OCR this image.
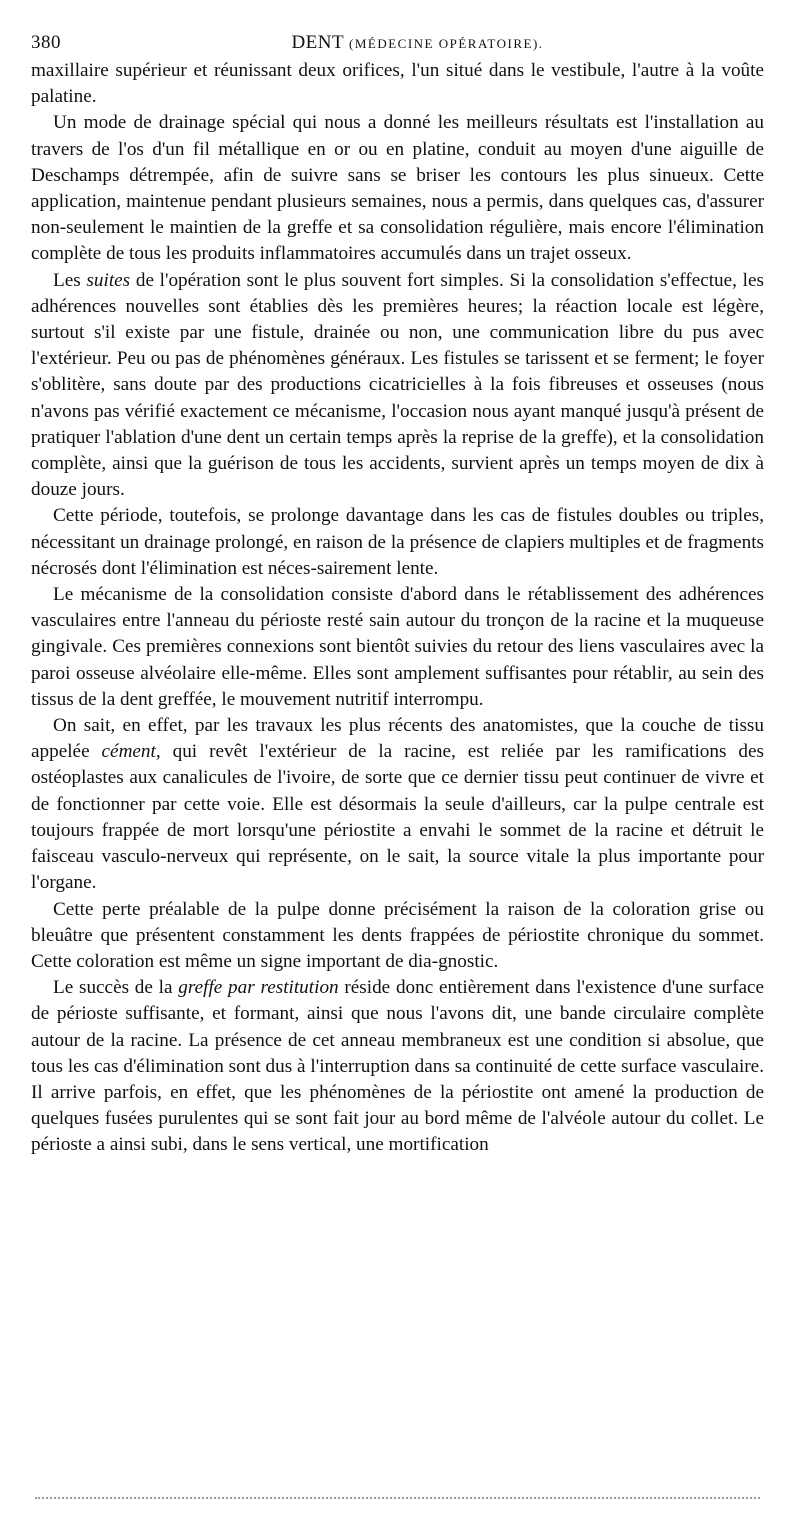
380	DENT (MÉDECINE OPÉRATOIRE).

maxillaire supérieur et réunissant deux orifices, l'un situé dans le vestibule, l'autre à la voûte palatine.

Un mode de drainage spécial qui nous a donné les meilleurs résultats est l'installation au travers de l'os d'un fil métallique en or ou en platine, conduit au moyen d'une aiguille de Deschamps détrempée, afin de suivre sans se briser les contours les plus sinueux. Cette application, maintenue pendant plusieurs semaines, nous a permis, dans quelques cas, d'assurer non-seulement le maintien de la greffe et sa consolidation régulière, mais encore l'élimination complète de tous les produits inflammatoires accumulés dans un trajet osseux.

Les suites de l'opération sont le plus souvent fort simples. Si la consolidation s'effectue, les adhérences nouvelles sont établies dès les premières heures; la réaction locale est légère, surtout s'il existe par une fistule, drainée ou non, une communication libre du pus avec l'extérieur. Peu ou pas de phénomènes généraux. Les fistules se tarissent et se ferment; le foyer s'oblitère, sans doute par des productions cicatricielles à la fois fibreuses et osseuses (nous n'avons pas vérifié exactement ce mécanisme, l'occasion nous ayant manqué jusqu'à présent de pratiquer l'ablation d'une dent un certain temps après la reprise de la greffe), et la consolidation complète, ainsi que la guérison de tous les accidents, survient après un temps moyen de dix à douze jours.

Cette période, toutefois, se prolonge davantage dans les cas de fistules doubles ou triples, nécessitant un drainage prolongé, en raison de la présence de clapiers multiples et de fragments nécrosés dont l'élimination est néces-sairement lente.

Le mécanisme de la consolidation consiste d'abord dans le rétablissement des adhérences vasculaires entre l'anneau du périoste resté sain autour du tronçon de la racine et la muqueuse gingivale. Ces premières connexions sont bientôt suivies du retour des liens vasculaires avec la paroi osseuse alvéolaire elle-même. Elles sont amplement suffisantes pour rétablir, au sein des tissus de la dent greffée, le mouvement nutritif interrompu.

On sait, en effet, par les travaux les plus récents des anatomistes, que la couche de tissu appelée cément, qui revêt l'extérieur de la racine, est reliée par les ramifications des ostéoplastes aux canalicules de l'ivoire, de sorte que ce dernier tissu peut continuer de vivre et de fonctionner par cette voie. Elle est désormais la seule d'ailleurs, car la pulpe centrale est toujours frappée de mort lorsqu'une périostite a envahi le sommet de la racine et détruit le faisceau vasculo-nerveux qui représente, on le sait, la source vitale la plus importante pour l'organe.

Cette perte préalable de la pulpe donne précisément la raison de la coloration grise ou bleuâtre que présentent constamment les dents frappées de périostite chronique du sommet. Cette coloration est même un signe important de dia-gnostic.

Le succès de la greffe par restitution réside donc entièrement dans l'existence d'une surface de périoste suffisante, et formant, ainsi que nous l'avons dit, une bande circulaire complète autour de la racine. La présence de cet anneau membraneux est une condition si absolue, que tous les cas d'élimination sont dus à l'interruption dans sa continuité de cette surface vasculaire. Il arrive parfois, en effet, que les phénomènes de la périostite ont amené la production de quelques fusées purulentes qui se sont fait jour au bord même de l'alvéole autour du collet. Le périoste a ainsi subi, dans le sens vertical, une mortification
